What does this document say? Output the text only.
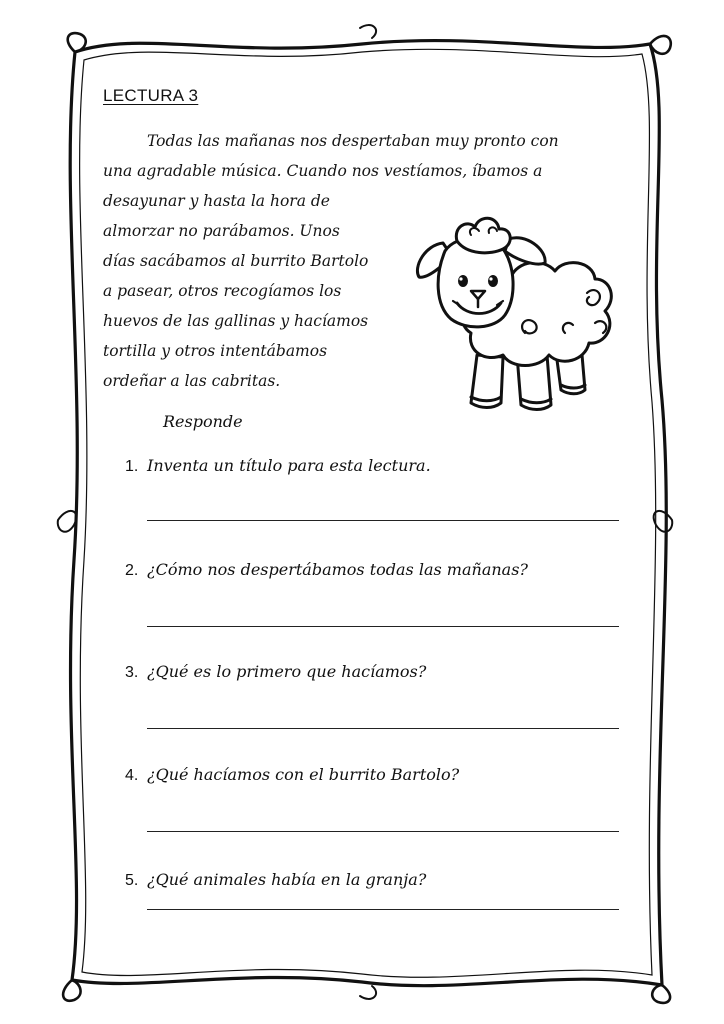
LECTURA 3
Todas las mañanas nos despertaban muy pronto con
una agradable música. Cuando nos vestíamos, íbamos a
desayunar y hasta la hora de
almorzar no parábamos. Unos
días sacábamos al burrito Bartolo
a pasear, otros recogíamos los
huevos de las gallinas y hacíamos
tortilla y otros intentábamos
ordeñar a las cabritas.
Responde
1. Inventa un título para esta lectura.
2. ¿Cómo nos despertábamos todas las mañanas?
3. ¿Qué es lo primero que hacíamos?
4. ¿Qué hacíamos con el burrito Bartolo?
5. ¿Qué animales había en la granja?
